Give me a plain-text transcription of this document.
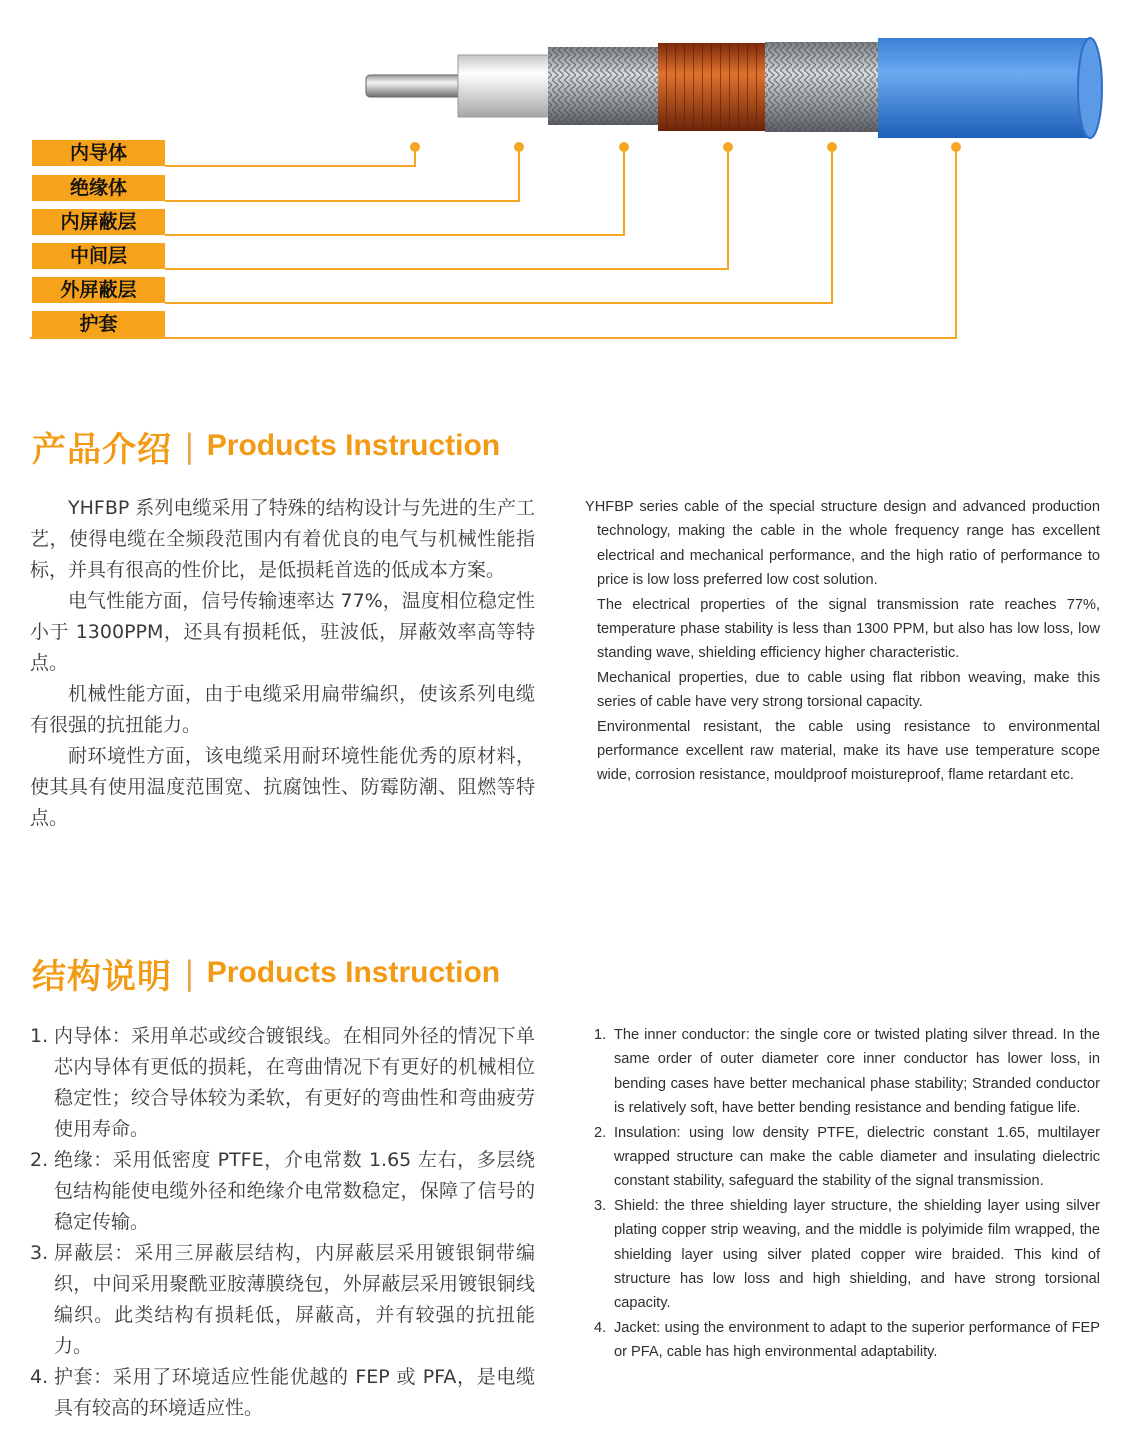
内导体
绝缘体
内屏蔽层
中间层
外屏蔽层
护套
产品介绍 | Products Instruction

YHFBP 系列电缆采用了特殊的结构设计与先进的生产工艺，使得电缆在全频段范围内有着优良的电气与机械性能指标，并具有很高的性价比，是低损耗首选的低成本方案。

电气性能方面，信号传输速率达 77%，温度相位稳定性小于 1300PPM，还具有损耗低，驻波低，屏蔽效率高等特点。

机械性能方面，由于电缆采用扁带编织，使该系列电缆有很强的抗扭能力。

耐环境性方面，该电缆采用耐环境性能优秀的原材料，使其具有使用温度范围宽、抗腐蚀性、防霉防潮、阻燃等特点。

YHFBP series cable of the special structure design and advanced production technology, making the cable in the whole frequency range has excellent electrical and mechanical performance, and the high ratio of performance to price is low loss preferred low cost solution.

The electrical properties of the signal transmission rate reaches 77%, temperature phase stability is less than 1300 PPM, but also has low loss, low standing wave, shielding efficiency higher characteristic.

Mechanical properties, due to cable using flat ribbon weaving, make this series of cable have very strong torsional capacity.

Environmental resistant, the cable using resistance to environmental performance excellent raw material, make its have use temperature scope wide, corrosion resistance, mouldproof moistureproof, flame retardant etc.

结构说明 | Products Instruction
1. 内导体：采用单芯或绞合镀银线。在相同外径的情况下单芯内导体有更低的损耗，在弯曲情况下有更好的机械相位稳定性；绞合导体较为柔软，有更好的弯曲性和弯曲疲劳使用寿命。
2. 绝缘：采用低密度 PTFE，介电常数 1.65 左右，多层绕包结构能使电缆外径和绝缘介电常数稳定，保障了信号的稳定传输。
3. 屏蔽层：采用三屏蔽层结构，内屏蔽层采用镀银铜带编织，中间采用聚酰亚胺薄膜绕包，外屏蔽层采用镀银铜线编织。此类结构有损耗低，屏蔽高，并有较强的抗扭能力。
4. 护套：采用了环境适应性能优越的 FEP 或 PFA，是电缆具有较高的环境适应性。
1. The inner conductor: the single core or twisted plating silver thread. In the same order of outer diameter core inner conductor has lower loss, in bending cases have better mechanical phase stability; Stranded conductor is relatively soft, have better bending resistance and bending fatigue life.
2. Insulation: using low density PTFE, dielectric constant 1.65, multilayer wrapped structure can make the cable diameter and insulating dielectric constant stability, safeguard the stability of the signal transmission.
3. Shield: the three shielding layer structure, the shielding layer using silver plating copper strip weaving, and the middle is polyimide film wrapped, the shielding layer using silver plated copper wire braided. This kind of structure has low loss and high shielding, and have strong torsional capacity.
4. Jacket: using the environment to adapt to the superior performance of FEP or PFA, cable has high environmental adaptability.
